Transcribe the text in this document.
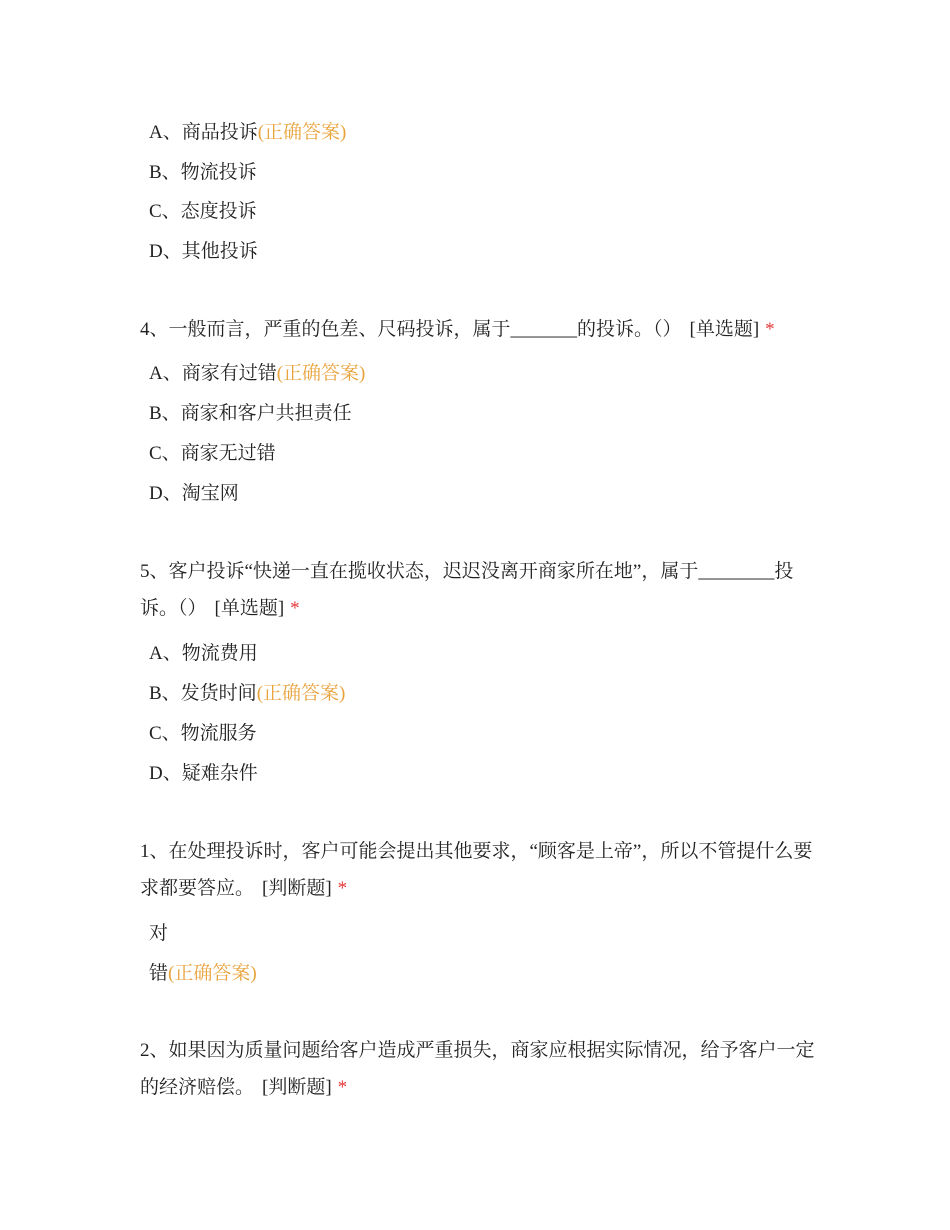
A、商品投诉(正确答案)
B、物流投诉
C、态度投诉
D、其他投诉
4、一般而言，严重的色差、尺码投诉，属于_______的投诉。（） [单选题] *
A、商家有过错(正确答案)
B、商家和客户共担责任
C、商家无过错
D、淘宝网
5、客户投诉“快递一直在揽收状态，迟迟没离开商家所在地”，属于________投
诉。（） [单选题] *
A、物流费用
B、发货时间(正确答案)
C、物流服务
D、疑难杂件
1、在处理投诉时，客户可能会提出其他要求，“顾客是上帝”，所以不管提什么要
求都要答应。 [判断题] *
对
错(正确答案)
2、如果因为质量问题给客户造成严重损失，商家应根据实际情况，给予客户一定
的经济赔偿。 [判断题] *
